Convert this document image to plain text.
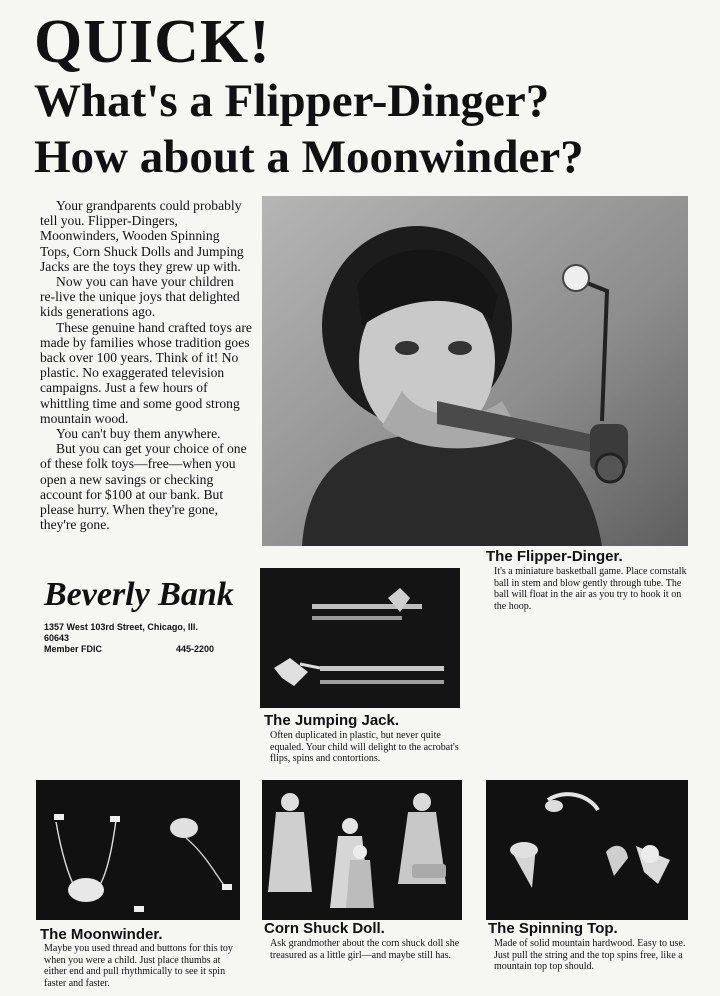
QUICK!
What's a Flipper-Dinger?
How about a Moonwinder?

Your grandparents could probably tell you. Flipper-Dingers, Moonwinders, Wooden Spinning Tops, Corn Shuck Dolls and Jumping Jacks are the toys they grew up with.

Now you can have your children re-live the unique joys that delighted kids generations ago.

These genuine hand crafted toys are made by families whose tradition goes back over 100 years. Think of it! No plastic. No exaggerated television campaigns. Just a few hours of whittling time and some good strong mountain wood.

You can't buy them anywhere.

But you can get your choice of one of these folk toys—free—when you open a new savings or checking account for $100 at our bank. But please hurry. When they're gone, they're gone.

The Flipper-Dinger.
It's a miniature basketball game. Place cornstalk ball in stem and blow gently through tube. The ball will float in the air as you try to hook it on the hoop.
Beverly Bank
1357 West 103rd Street, Chicago, Ill. 60643
Member FDIC	445-2200
The Jumping Jack.
Often duplicated in plastic, but never quite equaled. Your child will delight to the acrobat's flips, spins and contortions.
The Moonwinder.
Maybe you used thread and buttons for this toy when you were a child. Just place thumbs at either end and pull rhythmically to see it spin faster and faster.
Corn Shuck Doll.
Ask grandmother about the corn shuck doll she treasured as a little girl—and maybe still has.
The Spinning Top.
Made of solid mountain hardwood. Easy to use. Just pull the string and the top spins free, like a mountain top top should.
